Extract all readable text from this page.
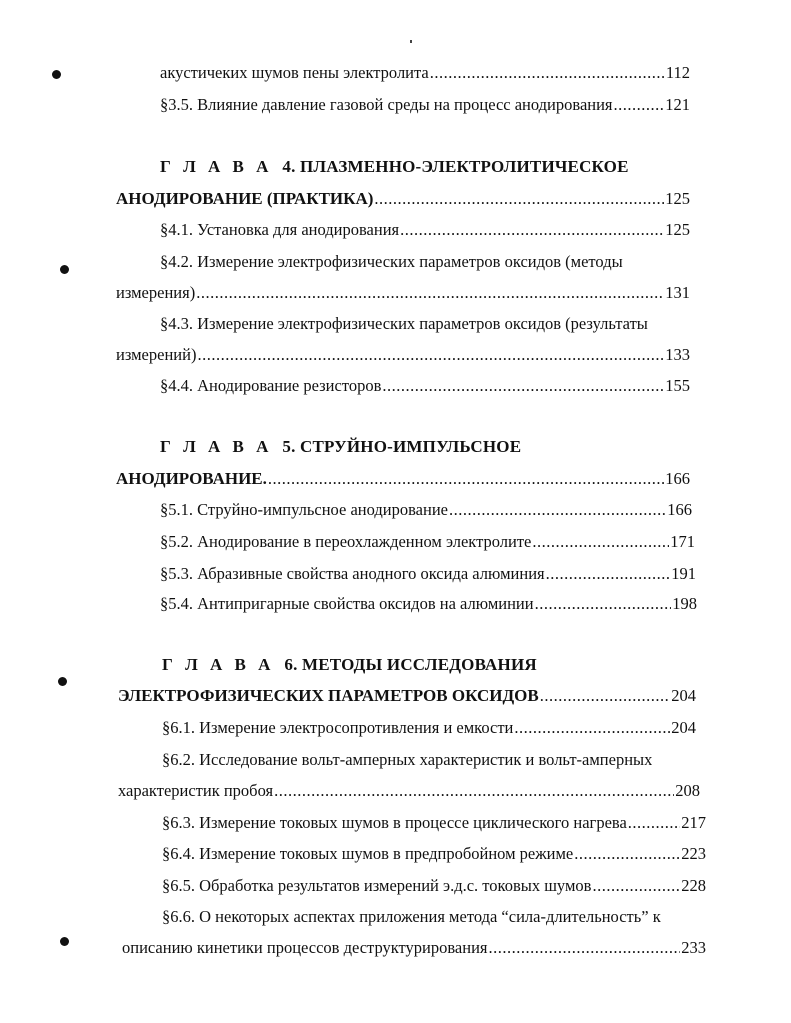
акустичеких шумов пены электролита .....	112
§3.5. Влияние давление газовой среды на процесс анодирования .....	121
Г Л А В А 4. ПЛАЗМЕННО-ЭЛЕКТРОЛИТИЧЕСКОЕ
АНОДИРОВАНИЕ (ПРАКТИКА) .....	125
§4.1. Установка для анодирования .....	125
§4.2. Измерение электрофизических параметров оксидов (методы
измерения) .....	131
§4.3. Измерение электрофизических параметров оксидов (результаты
измерений) .....	133
§4.4. Анодирование резисторов .....	155
Г Л А В А 5. СТРУЙНО-ИМПУЛЬСНОЕ
АНОДИРОВАНИЕ. .....	166
§5.1. Струйно-импульсное анодирование .....	166
§5.2. Анодирование в переохлажденном электролите .....	171
§5.3. Абразивные свойства анодного оксида алюминия .....	191
§5.4. Антипригарные свойства оксидов на алюминии .....	198
Г Л А В А 6. МЕТОДЫ ИССЛЕДОВАНИЯ
ЭЛЕКТРОФИЗИЧЕСКИХ ПАРАМЕТРОВ ОКСИДОВ .....	204
§6.1. Измерение электросопротивления и емкости .....	204
§6.2. Исследование вольт-амперных характеристик и вольт-амперных
характеристик пробоя .....	208
§6.3. Измерение токовых шумов в процессе циклического нагрева .....	217
§6.4. Измерение токовых шумов в предпробойном режиме .....	223
§6.5. Обработка результатов измерений э.д.с. токовых шумов .....	228
§6.6. О некоторых аспектах приложения метода “сила-длительность” к
описанию кинетики процессов деструктурирования .....	233
